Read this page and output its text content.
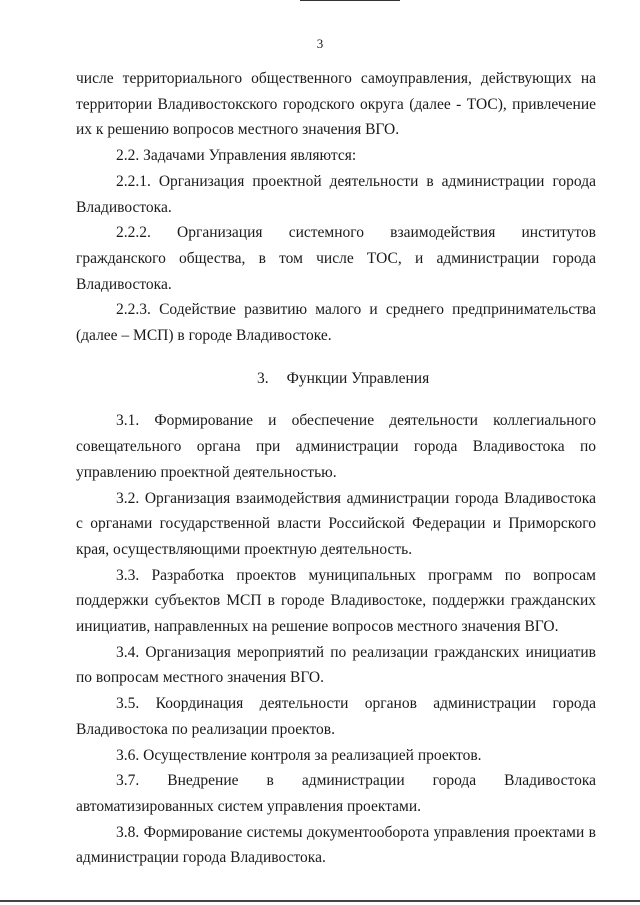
3

числе территориального общественного самоуправления, действующих на территории Владивостокского городского округа (далее - ТОС), привлечение их к решению вопросов местного значения ВГО.

2.2. Задачами Управления являются:

2.2.1. Организация проектной деятельности в администрации города Владивостока.

2.2.2. Организация системного взаимодействия институтов гражданского общества, в том числе ТОС, и администрации города Владивостока.

2.2.3. Содействие развитию малого и среднего предпринимательства (далее – МСП) в городе Владивостоке.

3. Функции Управления

3.1. Формирование и обеспечение деятельности коллегиального совещательного органа при администрации города Владивостока по управлению проектной деятельностью.

3.2. Организация взаимодействия администрации города Владивостока с органами государственной власти Российской Федерации и Приморского края, осуществляющими проектную деятельность.

3.3. Разработка проектов муниципальных программ по вопросам поддержки субъектов МСП в городе Владивостоке, поддержки гражданских инициатив, направленных на решение вопросов местного значения ВГО.

3.4. Организация мероприятий по реализации гражданских инициатив по вопросам местного значения ВГО.

3.5. Координация деятельности органов администрации города Владивостока по реализации проектов.

3.6. Осуществление контроля за реализацией проектов.

3.7. Внедрение в администрации города Владивостока автоматизированных систем управления проектами.

3.8. Формирование системы документооборота управления проектами в администрации города Владивостока.
